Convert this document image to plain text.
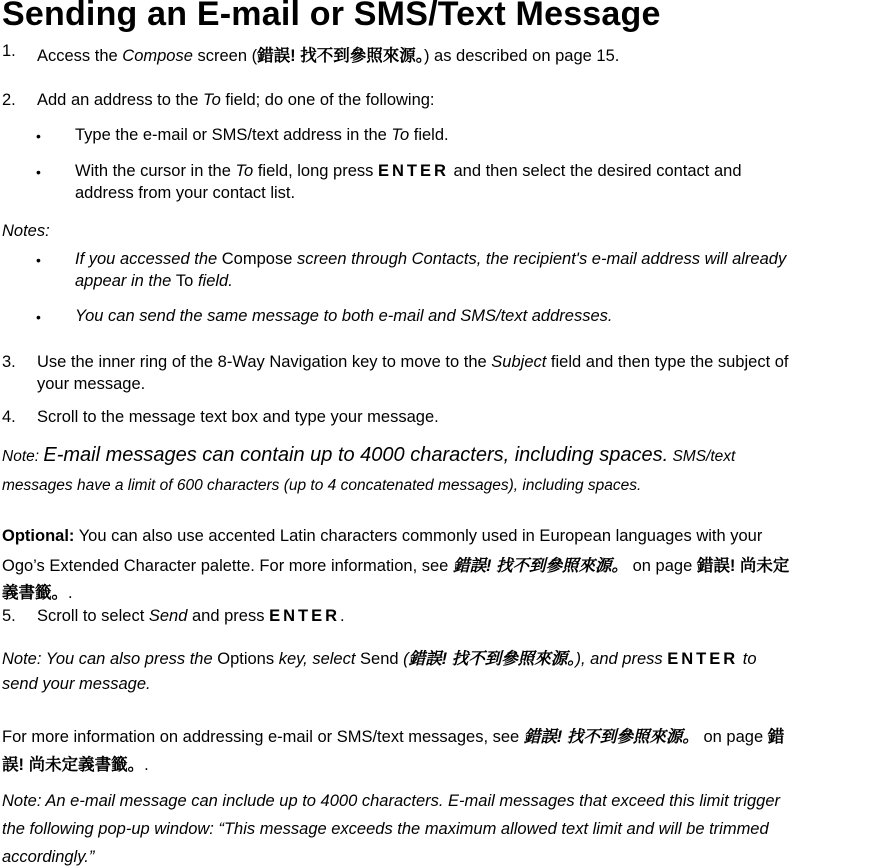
Sending an E-mail or SMS/Text Message
1. Access the Compose screen (錯誤! 找不到參照來源。) as described on page 15.
2. Add an address to the To field; do one of the following:
• Type the e-mail or SMS/text address in the To field.
• With the cursor in the To field, long press ENTER and then select the desired contact and
address from your contact list.
Notes:
• If you accessed the Compose screen through Contacts, the recipient's e-mail address will already
appear in the To field.
• You can send the same message to both e-mail and SMS/text addresses.
3. Use the inner ring of the 8-Way Navigation key to move to the Subject field and then type the subject of
your message.
4. Scroll to the message text box and type your message.
Note: E-mail messages can contain up to 4000 characters, including spaces. SMS/text
messages have a limit of 600 characters (up to 4 concatenated messages), including spaces.
Optional: You can also use accented Latin characters commonly used in European languages with your
Ogo’s Extended Character palette. For more information, see 錯誤! 找不到參照來源。 on page 錯誤! 尚未定
義書籤。.
5. Scroll to select Send and press ENTER.
Note: You can also press the Options key, select Send (錯誤! 找不到參照來源。), and press ENTER to
send your message.
For more information on addressing e-mail or SMS/text messages, see 錯誤! 找不到參照來源。 on page 錯
誤! 尚未定義書籤。.
Note: An e-mail message can include up to 4000 characters. E-mail messages that exceed this limit trigger
the following pop-up window: “This message exceeds the maximum allowed text limit and will be trimmed
accordingly.”
